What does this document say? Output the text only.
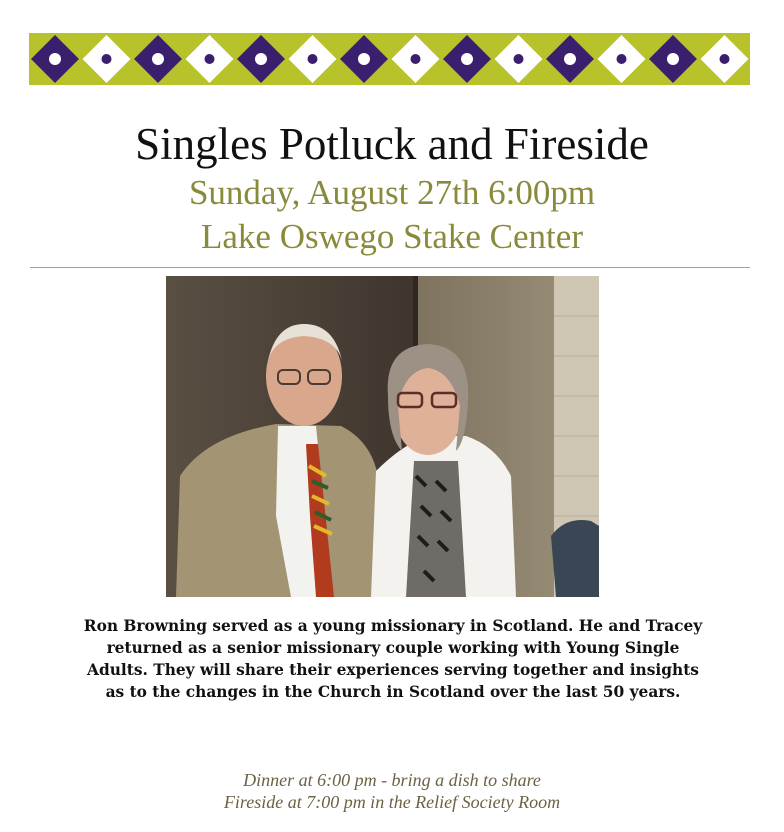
Singles Potluck and Fireside
Sunday, August 27th 6:00pm
Lake Oswego Stake Center

Ron Browning served as a young missionary in Scotland. He and Tracey returned as a senior missionary couple working with Young Single Adults. They will share their experiences serving together and insights as to the changes in the Church in Scotland over the last 50 years.

Dinner at 6:00 pm - bring a dish to share
Fireside at 7:00 pm in the Relief Society Room
